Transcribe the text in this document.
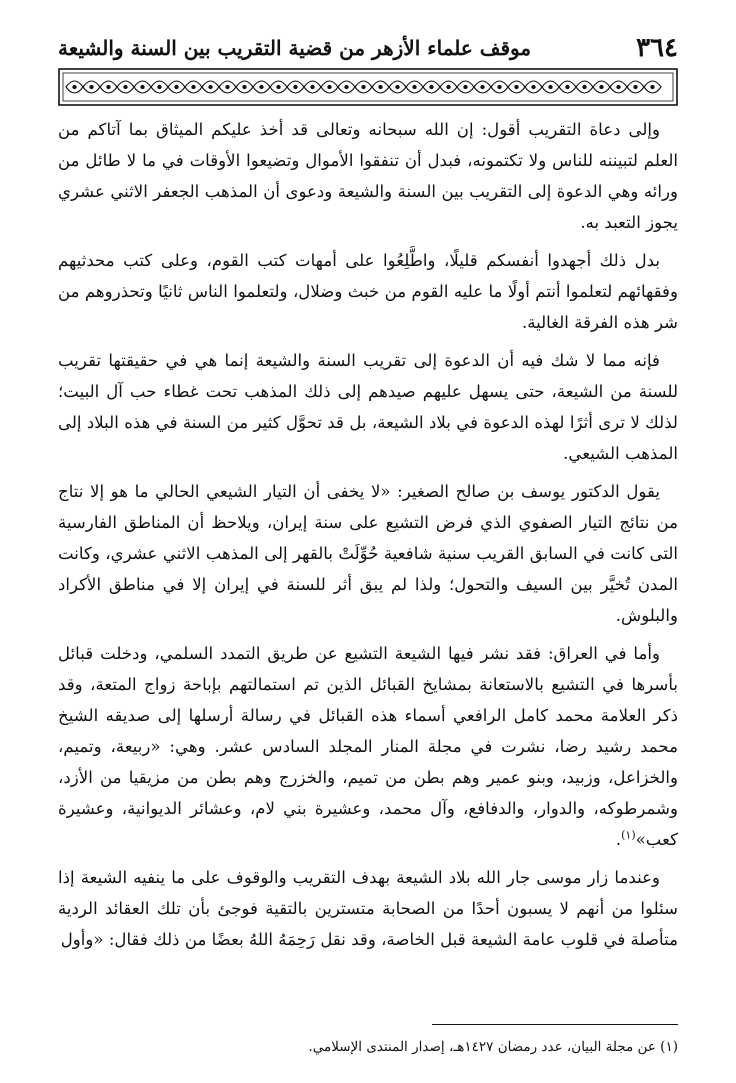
٣٦٤
موقف علماء الأزهر من قضية التقريب بين السنة والشيعة

وإلى دعاة التقريب أقول: إن الله سبحانه وتعالى قد أخذ عليكم الميثاق بما آتاكم من العلم لتبيننه للناس ولا تكتمونه، فبدل أن تنفقوا الأموال وتضيعوا الأوقات في ما لا طائل من ورائه وهي الدعوة إلى التقريب بين السنة والشيعة ودعوى أن المذهب الجعفر الاثني عشري يجوز التعبد به.

بدل ذلك أجهدوا أنفسكم قليلًا، واطَّلِعُوا على أمهات كتب القوم، وعلى كتب محدثيهم وفقهائهم لتعلموا أنتم أولًا ما عليه القوم من خبث وضلال، ولتعلموا الناس ثانيًا وتحذروهم من شر هذه الفرقة الغالية.

فإنه مما لا شك فيه أن الدعوة إلى تقريب السنة والشيعة إنما هي في حقيقتها تقريب للسنة من الشيعة، حتى يسهل عليهم صيدهم إلى ذلك المذهب تحت غطاء حب آل البيت؛ لذلك لا ترى أثرًا لهذه الدعوة في بلاد الشيعة، بل قد تحوَّل كثير من السنة في هذه البلاد إلى المذهب الشيعي.

يقول الدكتور يوسف بن صالح الصغير: «لا يخفى أن التيار الشيعي الحالي ما هو إلا نتاج من نتائج التيار الصفوي الذي فرض التشيع على سنة إيران، ويلاحظ أن المناطق الفارسية التى كانت في السابق القريب سنية شافعية حُوِّلَتْ بالقهر إلى المذهب الاثني عشري، وكانت المدن تُخيَّر بين السيف والتحول؛ ولذا لم يبق أثر للسنة في إيران إلا في مناطق الأكراد والبلوش.

وأما في العراق: فقد نشر فيها الشيعة التشيع عن طريق التمدد السلمي، ودخلت قبائل بأسرها في التشيع بالاستعانة بمشايخ القبائل الذين تم استمالتهم بإباحة زواج المتعة، وقد ذكر العلامة محمد كامل الرافعي أسماء هذه القبائل في رسالة أرسلها إلى صديقه الشيخ محمد رشيد رضا، نشرت في مجلة المنار المجلد السادس عشر. وهي: «ربيعة، وتميم، والخزاعل، وزبيد، وبنو عمير وهم بطن من تميم، والخزرج وهم بطن من مزيقيا من الأزد، وشمرطوكه، والدوار، والدفافع، وآل محمد، وعشيرة بني لام، وعشائر الديوانية، وعشيرة كعب»$^{(١)}$.

وعندما زار موسى جار الله بلاد الشيعة بهدف التقريب والوقوف على ما ينفيه الشيعة إذا سئلوا من أنهم لا يسبون أحدًا من الصحابة متسترين بالتقية فوجئ بأن تلك العقائد الردية متأصلة في قلوب عامة الشيعة قبل الخاصة، وقد نقل رَحِمَهُ اللهُ بعضًا من ذلك فقال: «وأول

(١) عن مجلة البيان، عدد رمضان ١٤٢٧هـ، إصدار المنتدى الإسلامي.
